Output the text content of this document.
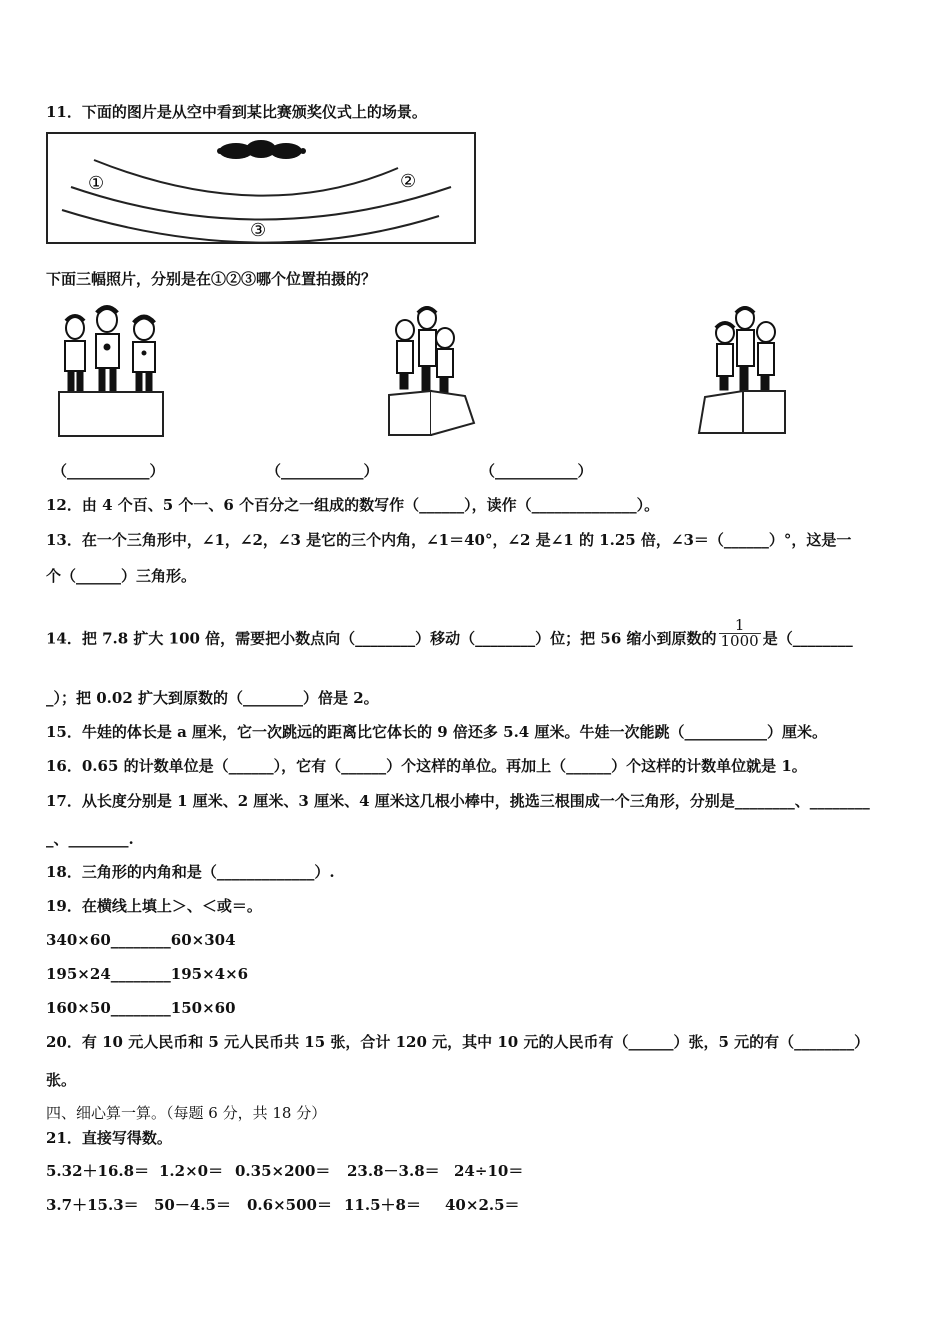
11．下面的图片是从空中看到某比赛颁奖仪式上的场景。
①	②
③
下面三幅照片，分别是在①②③哪个位置拍摄的？
（___________）	（___________）	（___________）
12．由 4 个百、5 个一、6 个百分之一组成的数写作（______），读作（______________）。
13．在一个三角形中，∠1，∠2，∠3 是它的三个内角，∠1＝40°，∠2 是∠1 的 1.25 倍，∠3＝（______）°，这是一
个（______）三角形。
14．把 7.8 扩大 100 倍，需要把小数点向（________）移动（________）位；把 56 缩小到原数的 $\frac{1}{1000}$ 是（________
_）；把 0.02 扩大到原数的（________）倍是 2。
15．牛娃的体长是 a 厘米，它一次跳远的距离比它体长的 9 倍还多 5.4 厘米。牛娃一次能跳（___________）厘米。
16．0.65 的计数单位是（______），它有（______）个这样的单位。再加上（______）个这样的计数单位就是 1。
17．从长度分别是 1 厘米、2 厘米、3 厘米、4 厘米这几根小棒中，挑选三根围成一个三角形，分别是________、________
_、________.
18．三角形的内角和是（_____________）.
19．在横线上填上＞、＜或＝。
340×60________60×304
195×24________195×4×6
160×50________150×60
20．有 10 元人民币和 5 元人民币共 15 张，合计 120 元，其中 10 元的人民币有（______）张，5 元的有（________）
张。
四、细心算一算。（每题 6 分，共 18 分）
21．直接写得数。
5.32＋16.8＝ 1.2×0＝ 0.35×200＝ 23.8－3.8＝ 24÷10＝
3.7＋15.3＝ 50－4.5＝ 0.6×500＝ 11.5＋8＝ 40×2.5＝
